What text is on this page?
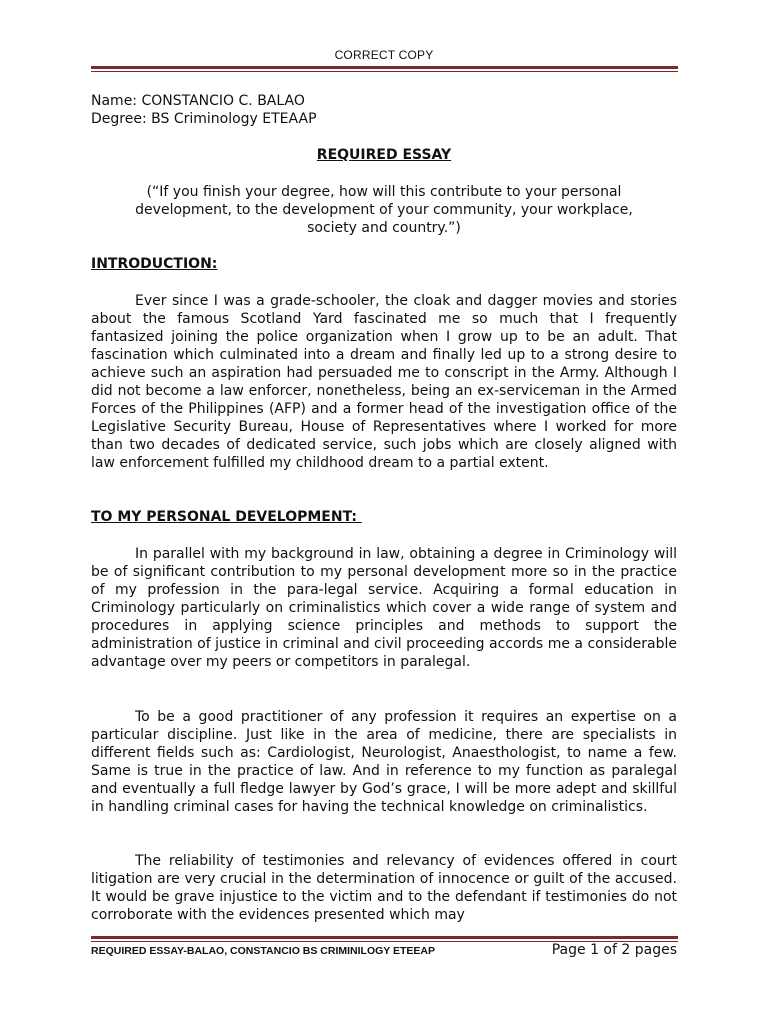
CORRECT COPY
Name: CONSTANCIO C. BALAO
Degree: BS Criminology ETEAAP
REQUIRED ESSAY
(“If you finish your degree, how will this contribute to your personal development, to the development of your community, your workplace, society and country.”)
INTRODUCTION:

Ever since I was a grade-schooler, the cloak and dagger movies and stories about the famous Scotland Yard fascinated me so much that I frequently fantasized joining the police organization when I grow up to be an adult. That fascination which culminated into a dream and finally led up to a strong desire to achieve such an aspiration had persuaded me to conscript in the Army. Although I did not become a law enforcer, nonetheless, being an ex-serviceman in the Armed Forces of the Philippines (AFP) and a former head of the investigation office of the Legislative Security Bureau, House of Representatives where I worked for more than two decades of dedicated service, such jobs which are closely aligned with law enforcement fulfilled my childhood dream to a partial extent.

TO MY PERSONAL DEVELOPMENT:

In parallel with my background in law, obtaining a degree in Criminology will be of significant contribution to my personal development more so in the practice of my profession in the para-legal service. Acquiring a formal education in Criminology particularly on criminalistics which cover a wide range of system and procedures in applying science principles and methods to support the administration of justice in criminal and civil proceeding accords me a considerable advantage over my peers or competitors in paralegal.

To be a good practitioner of any profession it requires an expertise on a particular discipline. Just like in the area of medicine, there are specialists in different fields such as: Cardiologist, Neurologist, Anaesthologist, to name a few. Same is true in the practice of law. And in reference to my function as paralegal and eventually a full fledge lawyer by God’s grace, I will be more adept and skillful in handling criminal cases for having the technical knowledge on criminalistics.

The reliability of testimonies and relevancy of evidences offered in court litigation are very crucial in the determination of innocence or guilt of the accused. It would be grave injustice to the victim and to the defendant if testimonies do not corroborate with the evidences presented which may

REQUIRED ESSAY-BALAO, CONSTANCIO BS CRIMINILOGY ETEEAP	Page 1 of 2 pages
